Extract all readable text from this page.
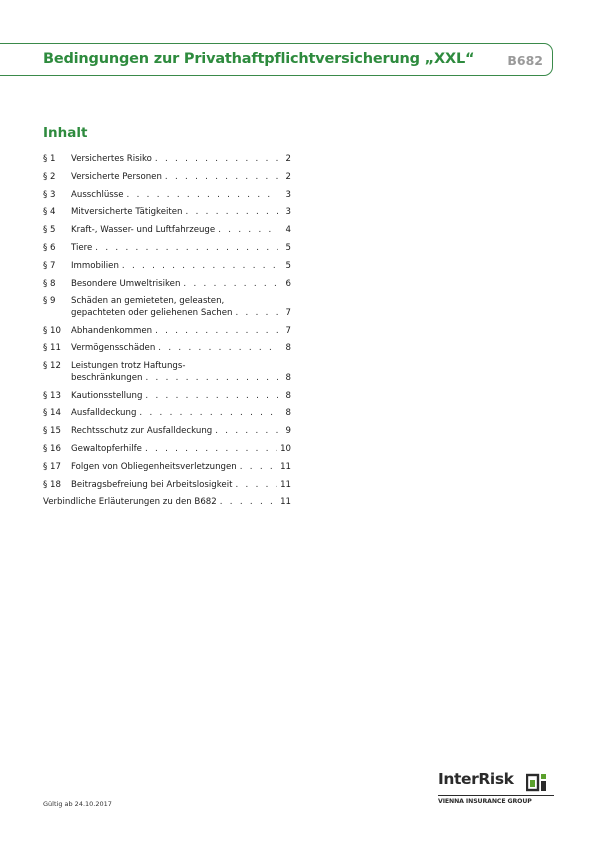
Bedingungen zur Privathaftpflichtversicherung „XXL“	B682
Inhalt
§ 1	Versichertes Risiko . . .	2
§ 2	Versicherte Personen . . .	2
§ 3	Ausschlüsse . . .	3
§ 4	Mitversicherte Tätigkeiten . . .	3
§ 5	Kraft-, Wasser- und Luftfahrzeuge . . .	4
§ 6	Tiere . . .	5
§ 7	Immobilien . . .	5
§ 8	Besondere Umweltrisiken . . .	6
§ 9	Schäden an gemieteten, geleasten,
gepachteten oder geliehenen Sachen . . .	7
§ 10	Abhandenkommen . . .	7
§ 11	Vermögensschäden . . .	8
§ 12	Leistungen trotz Haftungs-
beschränkungen . . .	8
§ 13	Kautionsstellung . . .	8
§ 14	Ausfalldeckung . . .	8
§ 15	Rechtsschutz zur Ausfalldeckung . . .	9
§ 16	Gewaltopferhilfe . . .	10
§ 17	Folgen von Obliegenheitsverletzungen . . .	11
§ 18	Beitragsbefreiung bei Arbeitslosigkeit . . .	11
Verbindliche Erläuterungen zu den B682 . . .	11
Gültig ab 24.10.2017
InterRisk
VIENNA INSURANCE GROUP
